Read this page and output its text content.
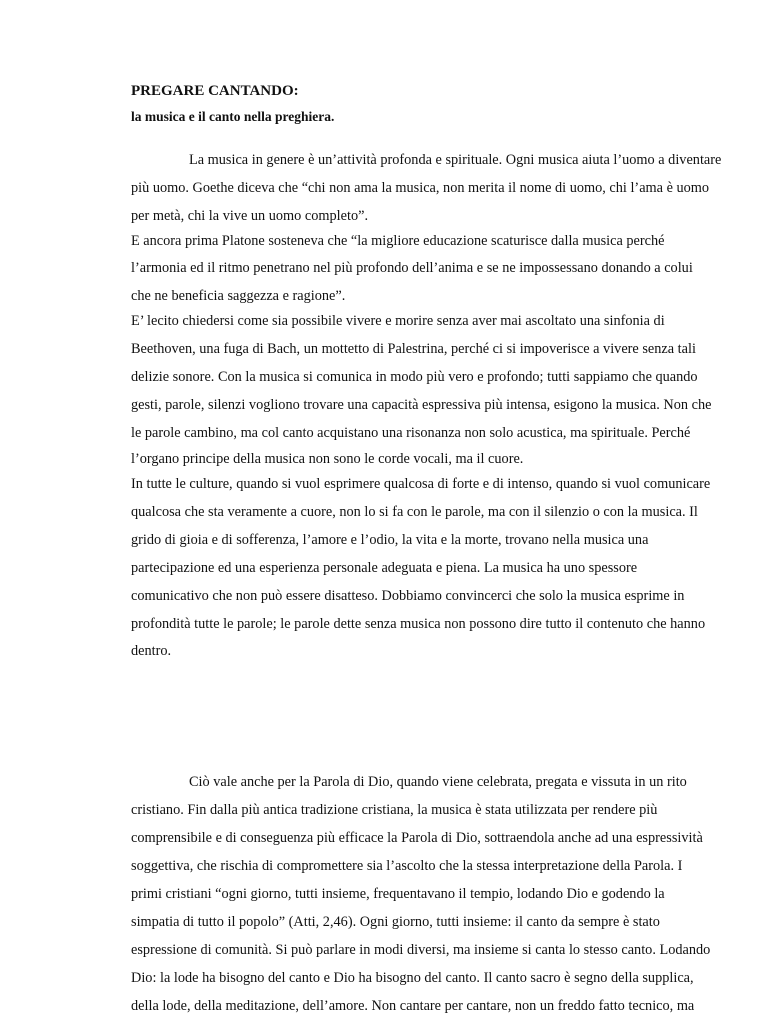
PREGARE CANTANDO:

la musica e il canto nella preghiera.

La musica in genere è un’attività profonda e spirituale. Ogni musica aiuta l’uomo a diventare

più uomo. Goethe diceva che “chi non ama la musica, non merita il nome di uomo, chi l’ama è uomo

per metà, chi la vive un uomo completo”.

E ancora prima Platone sosteneva che “la migliore educazione scaturisce dalla musica perché

l’armonia ed il ritmo penetrano nel più profondo dell’anima e se ne impossessano donando a colui

che ne beneficia saggezza e ragione”.

E’ lecito chiedersi come sia possibile vivere e morire senza aver mai ascoltato una sinfonia di

Beethoven, una fuga di Bach, un mottetto di Palestrina, perché ci si impoverisce a vivere senza tali

delizie sonore. Con la musica si comunica in modo più vero e profondo; tutti sappiamo che quando

gesti, parole, silenzi vogliono trovare una capacità espressiva più intensa, esigono la musica. Non che

le parole cambino, ma col canto acquistano una risonanza non solo acustica, ma spirituale. Perché

l’organo principe della musica non sono le corde vocali, ma il cuore.

In tutte le culture, quando si vuol esprimere qualcosa di forte e di intenso, quando si vuol comunicare

qualcosa che sta veramente a cuore, non lo si fa con le parole, ma con il silenzio o con la musica. Il

grido di gioia e di sofferenza, l’amore e l’odio, la vita e la morte, trovano nella musica una

partecipazione ed una esperienza personale adeguata e piena. La musica ha uno spessore

comunicativo che non può essere disatteso. Dobbiamo convincerci che solo la musica esprime in

profondità tutte le parole; le parole dette senza musica non possono dire tutto il contenuto che hanno

dentro.

Ciò vale anche per la Parola di Dio, quando viene celebrata, pregata e vissuta in un rito

cristiano. Fin dalla più antica tradizione cristiana, la musica è stata utilizzata per rendere più

comprensibile e di conseguenza più efficace la Parola di Dio, sottraendola anche ad una espressività

soggettiva, che rischia di compromettere sia l’ascolto che la stessa interpretazione della Parola. I

primi cristiani “ogni giorno, tutti insieme, frequentavano il tempio, lodando Dio e godendo la

simpatia di tutto il popolo” (Atti, 2,46). Ogni giorno, tutti insieme: il canto da sempre è stato

espressione di comunità. Si può parlare in modi diversi, ma insieme si canta lo stesso canto. Lodando

Dio: la lode ha bisogno del canto e Dio ha bisogno del canto. Il canto sacro è segno della supplica,

della lode, della meditazione, dell’amore. Non cantare per cantare, non un freddo fatto tecnico, ma
